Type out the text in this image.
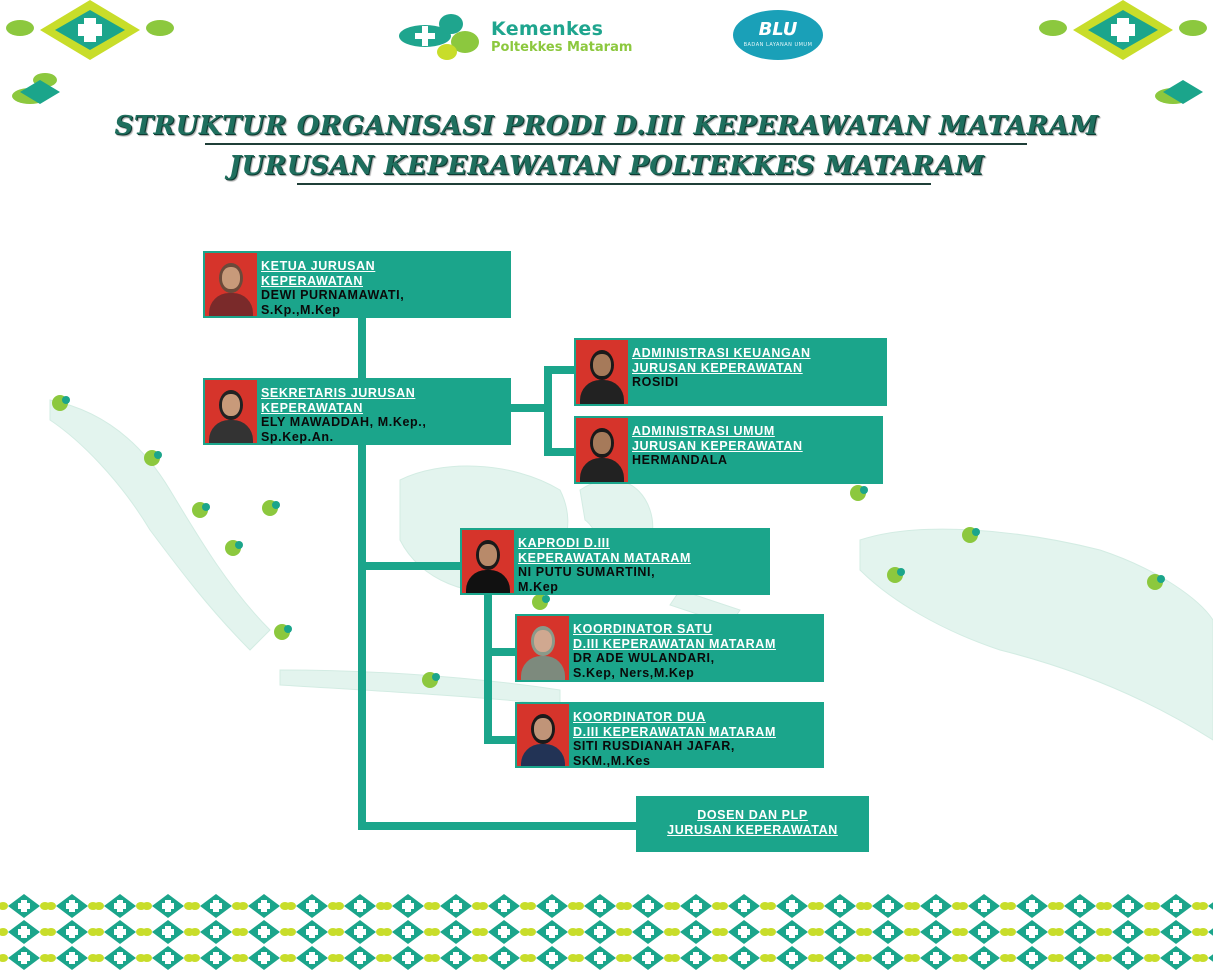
Kemenkes
Poltekkes Mataram
BLU
BADAN LAYANAN UMUM
STRUKTUR ORGANISASI PRODI D.III KEPERAWATAN MATARAM
JURUSAN KEPERAWATAN POLTEKKES MATARAM
KETUA JURUSAN
KEPERAWATAN
DEWI PURNAMAWATI,
S.Kp.,M.Kep
SEKRETARIS JURUSAN
KEPERAWATAN
ELY MAWADDAH, M.Kep.,
Sp.Kep.An.
ADMINISTRASI KEUANGAN
JURUSAN KEPERAWATAN
ROSIDI
ADMINISTRASI UMUM
JURUSAN KEPERAWATAN
HERMANDALA
KAPRODI D.III
KEPERAWATAN MATARAM
NI PUTU SUMARTINI,
M.Kep
KOORDINATOR SATU
D.III KEPERAWATAN MATARAM
DR ADE WULANDARI,
S.Kep, Ners,M.Kep
KOORDINATOR DUA
D.III KEPERAWATAN MATARAM
SITI RUSDIANAH JAFAR,
SKM.,M.Kes
DOSEN DAN PLP
JURUSAN KEPERAWATAN
